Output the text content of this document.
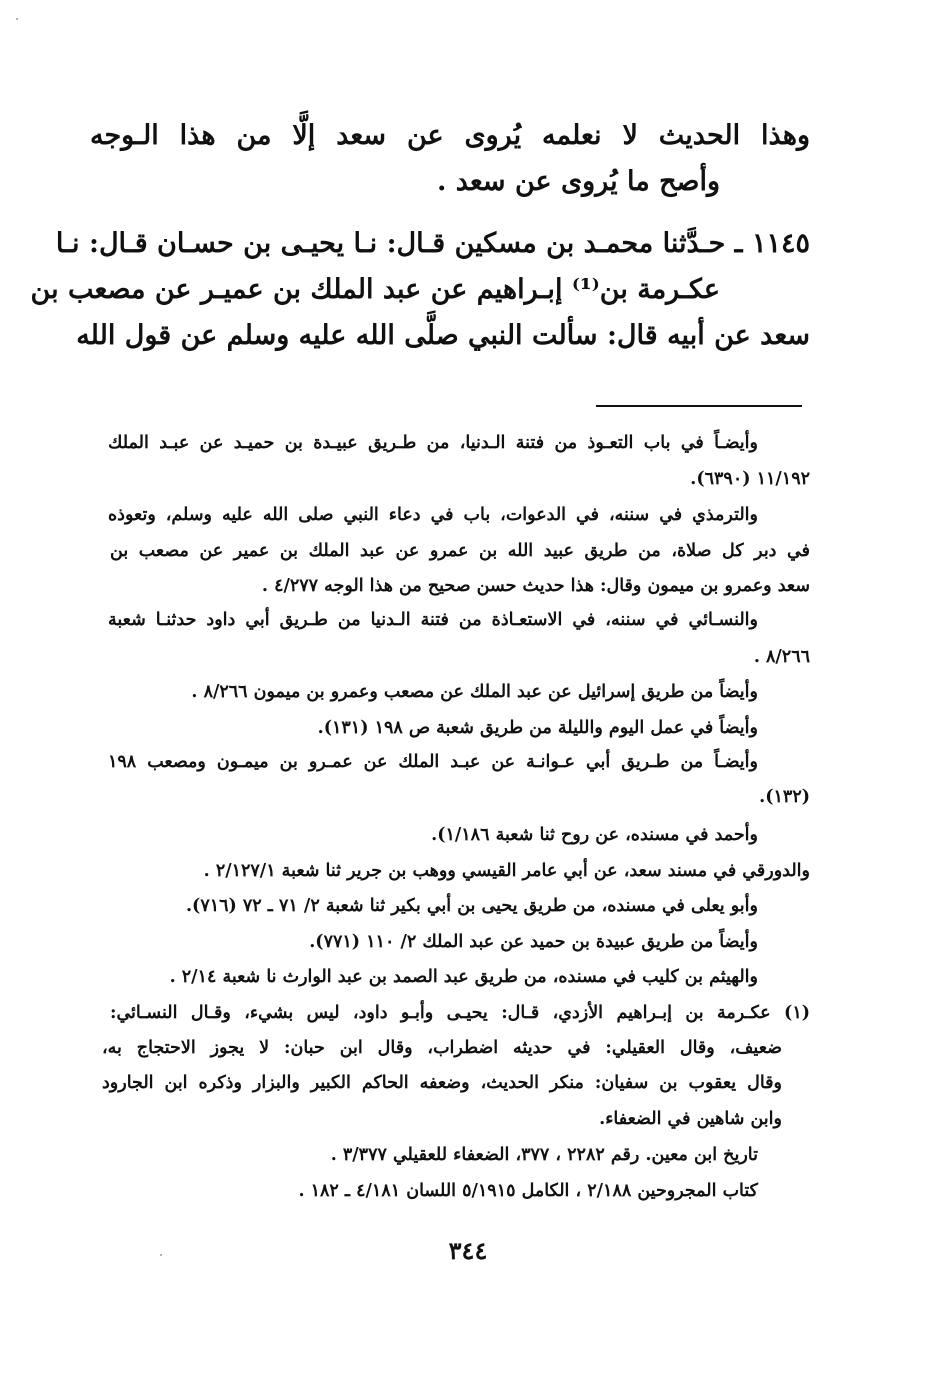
وهذا الحديث لا نعلمه يُروى عن سعد إلَّا من هذا الـوجه
وأصح ما يُروى عن سعد .
١١٤٥ ـ حـدَّثنا محمـد بن مسكين قـال: نـا يحيـى بن حسـان قـال: نـا
عكـرمة بن⁽¹⁾ إبـراهيم عن عبد الملك بن عميـر عن مصعب بن
سعد عن أبيه قال: سألت النبي صلَّى الله عليه وسلم عن قول الله
وأيضـاً في باب التعـوذ من فتنة الـدنيا، من طـريق عبيـدة بن حميـد عن عبـد الملك
١١/١٩٢ (٦٣٩٠).
والترمذي في سننه، في الدعوات، باب في دعاء النبي صلى الله عليه وسلم، وتعوذه
في دبر كل صلاة، من طريق عبيد الله بن عمرو عن عبد الملك بن عمير عن مصعب بن
سعد وعمرو بن ميمون وقال: هذا حديث حسن صحيح من هذا الوجه ٤/٢٧٧ .
والنسـائي في سننه، في الاستعـاذة من فتنة الـدنيا من طـريق أبي داود حدثنـا شعبة
٨/٢٦٦ .
وأيضاً من طريق إسرائيل عن عبد الملك عن مصعب وعمرو بن ميمون ٨/٢٦٦ .
وأيضاً في عمل اليوم والليلة من طريق شعبة ص ١٩٨ (١٣١).
وأيضـاً من طـريق أبي عـوانـة عن عبـد الملك عن عمـرو بن ميمـون ومصعب ١٩٨
(١٣٢).
وأحمد في مسنده، عن روح ثنا شعبة ١/١٨٦).
والدورقي في مسند سعد، عن أبي عامر القيسي ووهب بن جرير ثنا شعبة ٢/١٢٧/١ .
وأبو يعلى في مسنده، من طريق يحيى بن أبي بكير ثنا شعبة ٢/ ٧١ ـ ٧٢ (٧١٦).
وأيضاً من طريق عبيدة بن حميد عن عبد الملك ٢/ ١١٠ (٧٧١).
والهيثم بن كليب في مسنده، من طريق عبد الصمد بن عبد الوارث نا شعبة ٢/١٤ .
(١) عكـرمة بن إبـراهيم الأزدي، قـال: يحيـى وأبـو داود، ليس بشيء، وقـال النسـائي:
ضعيف، وقال العقيلي: في حديثه اضطراب، وقال ابن حبان: لا يجوز الاحتجاج به،
وقال يعقوب بن سفيان: منكر الحديث، وضعفه الحاكم الكبير والبزار وذكره ابن الجارود
وابن شاهين في الضعفاء.
تاريخ ابن معين. رقم ٢٢٨٢ ، ٣٧٧، الضعفاء للعقيلي ٣/٣٧٧ .
كتاب المجروحين ٢/١٨٨ ، الكامل ٥/١٩١٥ اللسان ٤/١٨١ ـ ١٨٢ .
٣٤٤
